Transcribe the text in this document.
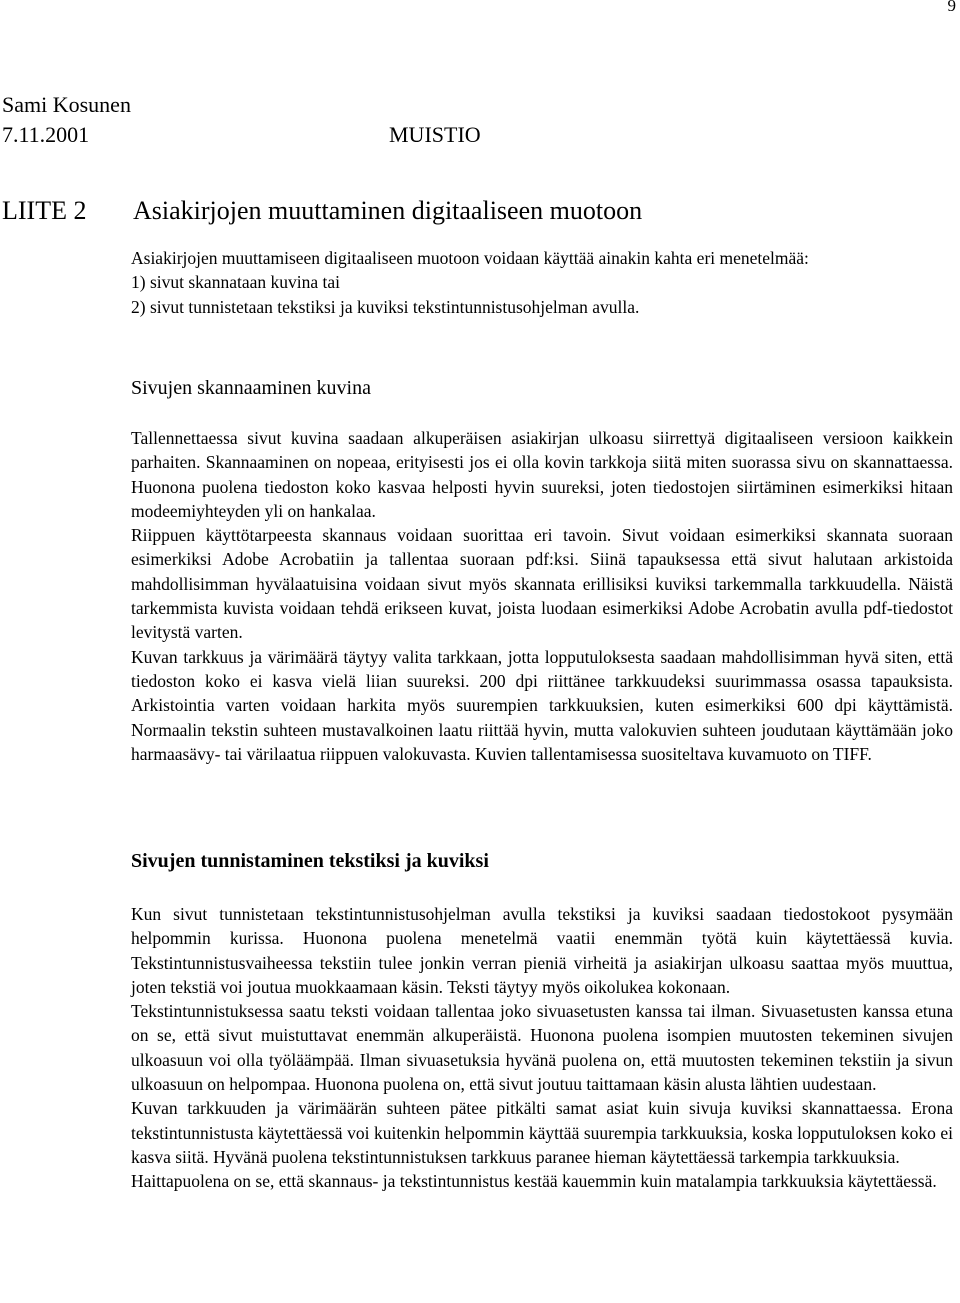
9
Sami Kosunen
7.11.2001	MUISTIO
LIITE 2 Asiakirjojen muuttaminen digitaaliseen muotoon

Asiakirjojen muuttamiseen digitaaliseen muotoon voidaan käyttää ainakin kahta eri menetelmää:

1) sivut skannataan kuvina tai

2) sivut tunnistetaan tekstiksi ja kuviksi tekstintunnistusohjelman avulla.

Sivujen skannaaminen kuvina

Tallennettaessa sivut kuvina saadaan alkuperäisen asiakirjan ulkoasu siirrettyä digitaaliseen versioon kaikkein parhaiten. Skannaaminen on nopeaa, erityisesti jos ei olla kovin tarkkoja siitä miten suorassa sivu on skannattaessa. Huonona puolena tiedoston koko kasvaa helposti hyvin suureksi, joten tiedostojen siirtäminen esimerkiksi hitaan modeemiyhteyden yli on hankalaa.

Riippuen käyttötarpeesta skannaus voidaan suorittaa eri tavoin. Sivut voidaan esimerkiksi skannata suoraan esimerkiksi Adobe Acrobatiin ja tallentaa suoraan pdf:ksi. Siinä tapauksessa että sivut halutaan arkistoida mahdollisimman hyvälaatuisina voidaan sivut myös skannata erillisiksi kuviksi tarkemmalla tarkkuudella. Näistä tarkemmista kuvista voidaan tehdä erikseen kuvat, joista luodaan esimerkiksi Adobe Acrobatin avulla pdf-tiedostot levitystä varten.

Kuvan tarkkuus ja värimäärä täytyy valita tarkkaan, jotta lopputuloksesta saadaan mahdollisimman hyvä siten, että tiedoston koko ei kasva vielä liian suureksi. 200 dpi riittänee tarkkuudeksi suurimmassa osassa tapauksista. Arkistointia varten voidaan harkita myös suurempien tarkkuuksien, kuten esimerkiksi 600 dpi käyttämistä. Normaalin tekstin suhteen mustavalkoinen laatu riittää hyvin, mutta valokuvien suhteen joudutaan käyttämään joko harmaasävy- tai värilaatua riippuen valokuvasta. Kuvien tallentamisessa suositeltava kuvamuoto on TIFF.

Sivujen tunnistaminen tekstiksi ja kuviksi

Kun sivut tunnistetaan tekstintunnistusohjelman avulla tekstiksi ja kuviksi saadaan tiedostokoot pysymään helpommin kurissa. Huonona puolena menetelmä vaatii enemmän työtä kuin käytettäessä kuvia. Tekstintunnistusvaiheessa tekstiin tulee jonkin verran pieniä virheitä ja asiakirjan ulkoasu saattaa myös muuttua, joten tekstiä voi joutua muokkaamaan käsin. Teksti täytyy myös oikolukea kokonaan.

Tekstintunnistuksessa saatu teksti voidaan tallentaa joko sivuasetusten kanssa tai ilman. Sivuasetusten kanssa etuna on se, että sivut muistuttavat enemmän alkuperäistä. Huonona puolena isompien muutosten tekeminen sivujen ulkoasuun voi olla työläämpää. Ilman sivuasetuksia hyvänä puolena on, että muutosten tekeminen tekstiin ja sivun ulkoasuun on helpompaa. Huonona puolena on, että sivut joutuu taittamaan käsin alusta lähtien uudestaan.

Kuvan tarkkuuden ja värimäärän suhteen pätee pitkälti samat asiat kuin sivuja kuviksi skannattaessa. Erona tekstintunnistusta käytettäessä voi kuitenkin helpommin käyttää suurempia tarkkuuksia, koska lopputuloksen koko ei kasva siitä. Hyvänä puolena tekstintunnistuksen tarkkuus paranee hieman käytettäessä tarkempia tarkkuuksia.

Haittapuolena on se, että skannaus- ja tekstintunnistus kestää kauemmin kuin matalampia tarkkuuksia käytettäessä.
